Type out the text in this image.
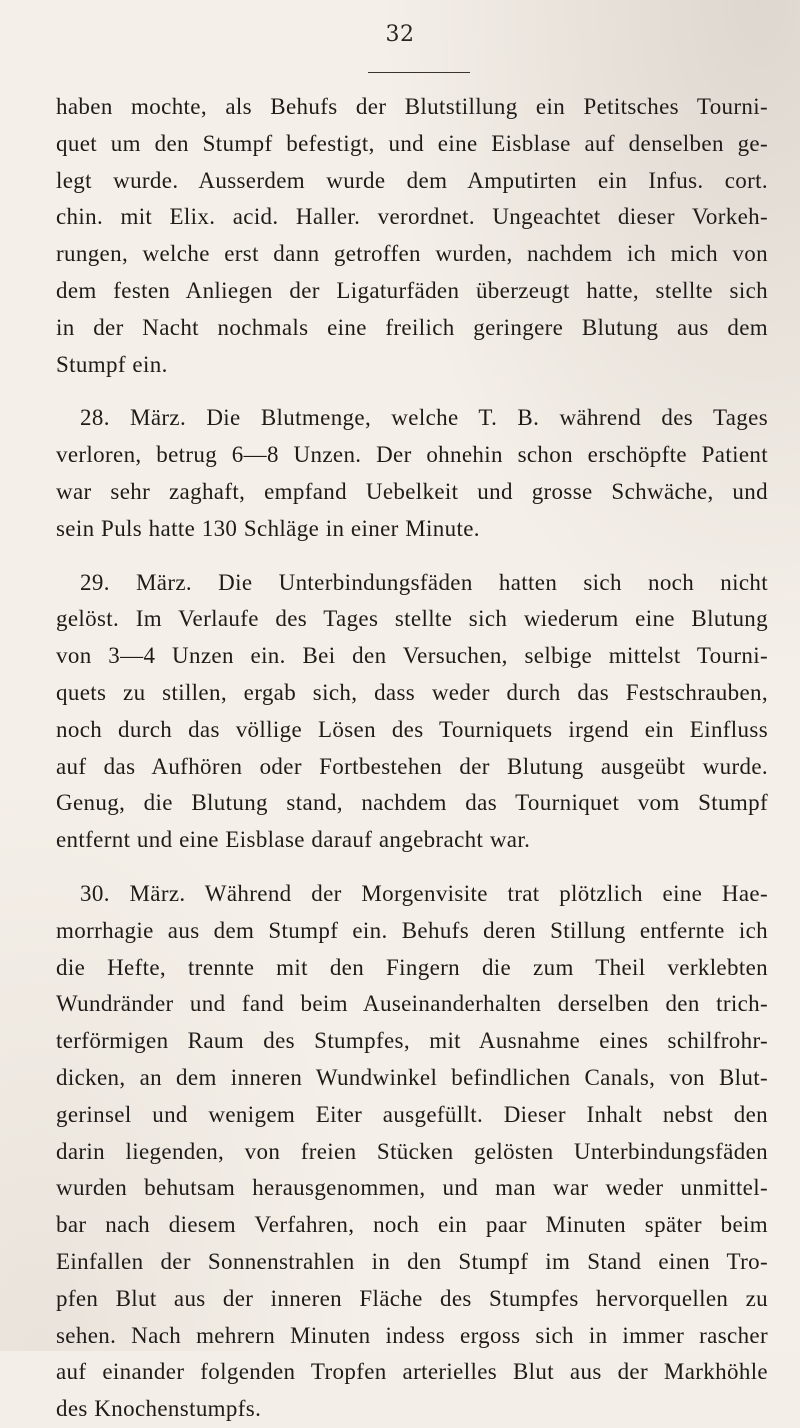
32
haben mochte, als Behufs der Blutstillung ein Petitsches Tourni-
quet um den Stumpf befestigt, und eine Eisblase auf denselben ge-
legt wurde. Ausserdem wurde dem Amputirten ein Infus. cort.
chin. mit Elix. acid. Haller. verordnet. Ungeachtet dieser Vorkeh-
rungen, welche erst dann getroffen wurden, nachdem ich mich von
dem festen Anliegen der Ligaturfäden überzeugt hatte, stellte sich
in der Nacht nochmals eine freilich geringere Blutung aus dem
Stumpf ein.
28. März. Die Blutmenge, welche T. B. während des Tages
verloren, betrug 6—8 Unzen. Der ohnehin schon erschöpfte Patient
war sehr zaghaft, empfand Uebelkeit und grosse Schwäche, und
sein Puls hatte 130 Schläge in einer Minute.
29. März. Die Unterbindungsfäden hatten sich noch nicht
gelöst. Im Verlaufe des Tages stellte sich wiederum eine Blutung
von 3—4 Unzen ein. Bei den Versuchen, selbige mittelst Tourni-
quets zu stillen, ergab sich, dass weder durch das Festschrauben,
noch durch das völlige Lösen des Tourniquets irgend ein Einfluss
auf das Aufhören oder Fortbestehen der Blutung ausgeübt wurde.
Genug, die Blutung stand, nachdem das Tourniquet vom Stumpf
entfernt und eine Eisblase darauf angebracht war.
30. März. Während der Morgenvisite trat plötzlich eine Hae-
morrhagie aus dem Stumpf ein. Behufs deren Stillung entfernte ich
die Hefte, trennte mit den Fingern die zum Theil verklebten
Wundränder und fand beim Auseinanderhalten derselben den trich-
terförmigen Raum des Stumpfes, mit Ausnahme eines schilfrohr-
dicken, an dem inneren Wundwinkel befindlichen Canals, von Blut-
gerinsel und wenigem Eiter ausgefüllt. Dieser Inhalt nebst den
darin liegenden, von freien Stücken gelösten Unterbindungsfäden
wurden behutsam herausgenommen, und man war weder unmittel-
bar nach diesem Verfahren, noch ein paar Minuten später beim
Einfallen der Sonnenstrahlen in den Stumpf im Stand einen Tro-
pfen Blut aus der inneren Fläche des Stumpfes hervorquellen zu
sehen. Nach mehrern Minuten indess ergoss sich in immer rascher
auf einander folgenden Tropfen arterielles Blut aus der Markhöhle
des Knochenstumpfs.
